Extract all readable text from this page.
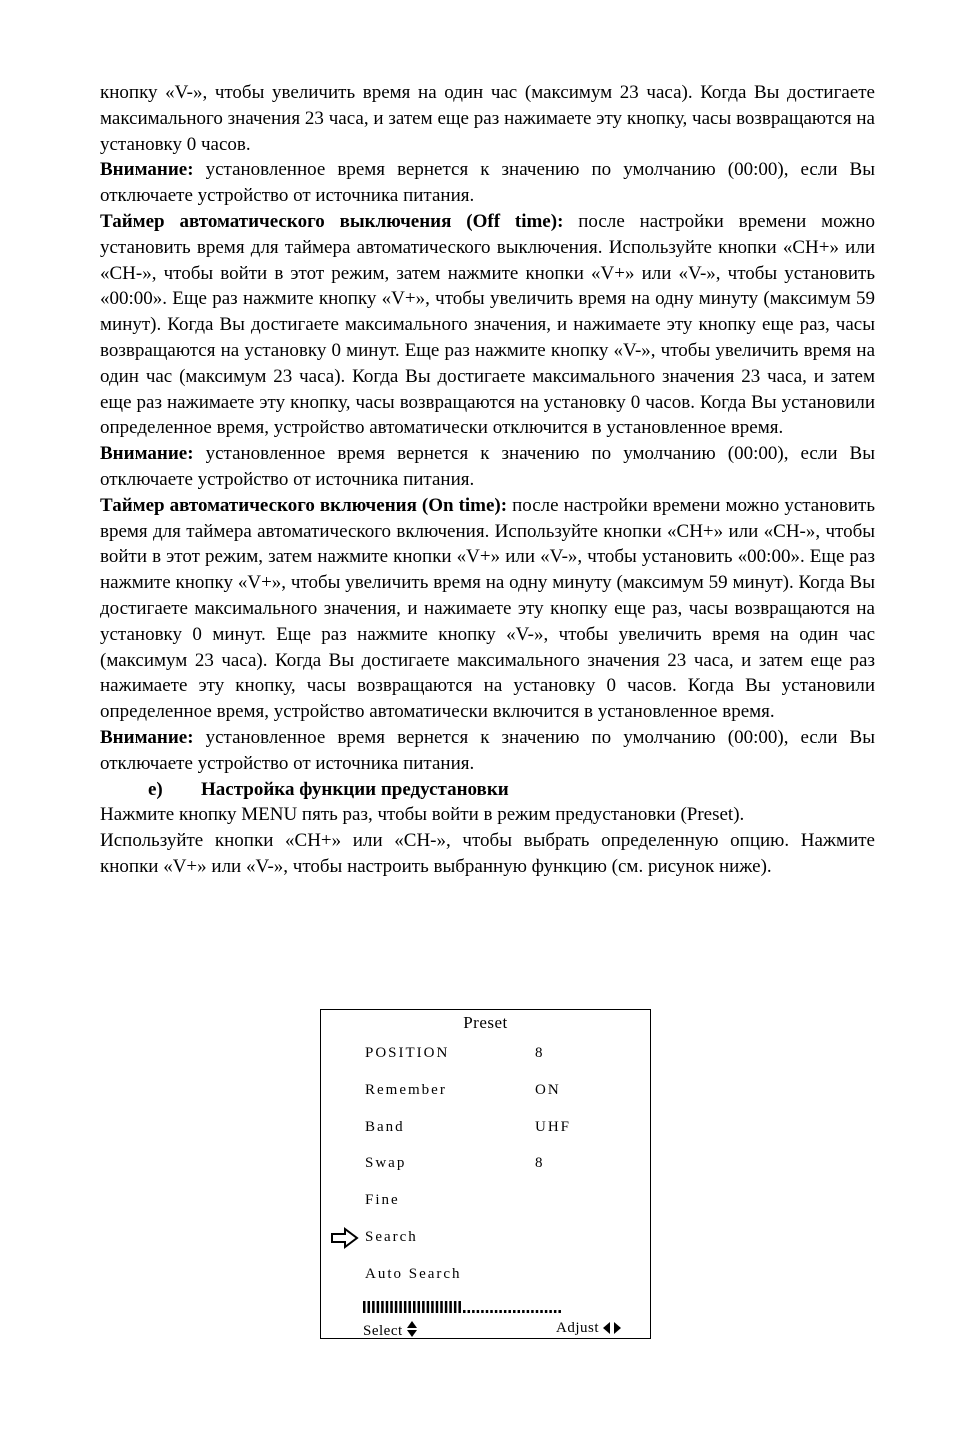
кнопку «V-», чтобы увеличить время на один час (максимум 23 часа). Когда Вы достигаете максимального значения 23 часа, и затем еще раз нажимаете эту кнопку, часы возвращаются на установку 0 часов.

Внимание: установленное время вернется к значению по умолчанию (00:00), если Вы отключаете устройство от источника питания.

Таймер автоматического выключения (Off time): после настройки времени можно установить время для таймера автоматического выключения. Используйте кнопки «CH+» или «CH-», чтобы войти в этот режим, затем нажмите кнопки «V+» или «V-», чтобы установить «00:00». Еще раз нажмите кнопку «V+», чтобы увеличить время на одну минуту (максимум 59 минут). Когда Вы достигаете максимального значения, и нажимаете эту кнопку еще раз, часы возвращаются на установку 0 минут. Еще раз нажмите кнопку «V-», чтобы увеличить время на один час (максимум 23 часа). Когда Вы достигаете максимального значения 23 часа, и затем еще раз нажимаете эту кнопку, часы возвращаются на установку 0 часов. Когда Вы установили определенное время, устройство автоматически отключится в установленное время.

Внимание: установленное время вернется к значению по умолчанию (00:00), если Вы отключаете устройство от источника питания.

Таймер автоматического включения (On time): после настройки времени можно установить время для таймера автоматического включения. Используйте кнопки «CH+» или «CH-», чтобы войти в этот режим, затем нажмите кнопки «V+» или «V-», чтобы установить «00:00». Еще раз нажмите кнопку «V+», чтобы увеличить время на одну минуту (максимум 59 минут). Когда Вы достигаете максимального значения, и нажимаете эту кнопку еще раз, часы возвращаются на установку 0 минут. Еще раз нажмите кнопку «V-», чтобы увеличить время на один час (максимум 23 часа). Когда Вы достигаете максимального значения 23 часа, и затем еще раз нажимаете эту кнопку, часы возвращаются на установку 0 часов. Когда Вы установили определенное время, устройство автоматически включится в установленное время.

Внимание: установленное время вернется к значению по умолчанию (00:00), если Вы отключаете устройство от источника питания.

e) Настройка функции предустановки

Нажмите кнопку MENU пять раз, чтобы войти в режим предустановки (Preset).

Используйте кнопки «CH+» или «CH-», чтобы выбрать определенную опцию. Нажмите кнопки «V+» или «V-», чтобы настроить выбранную функцию (см. рисунок ниже).

Preset
POSITION	8
Remember	ON
Band	UHF
Swap	8
Fine
Search
Auto Search
Select	Adjust
